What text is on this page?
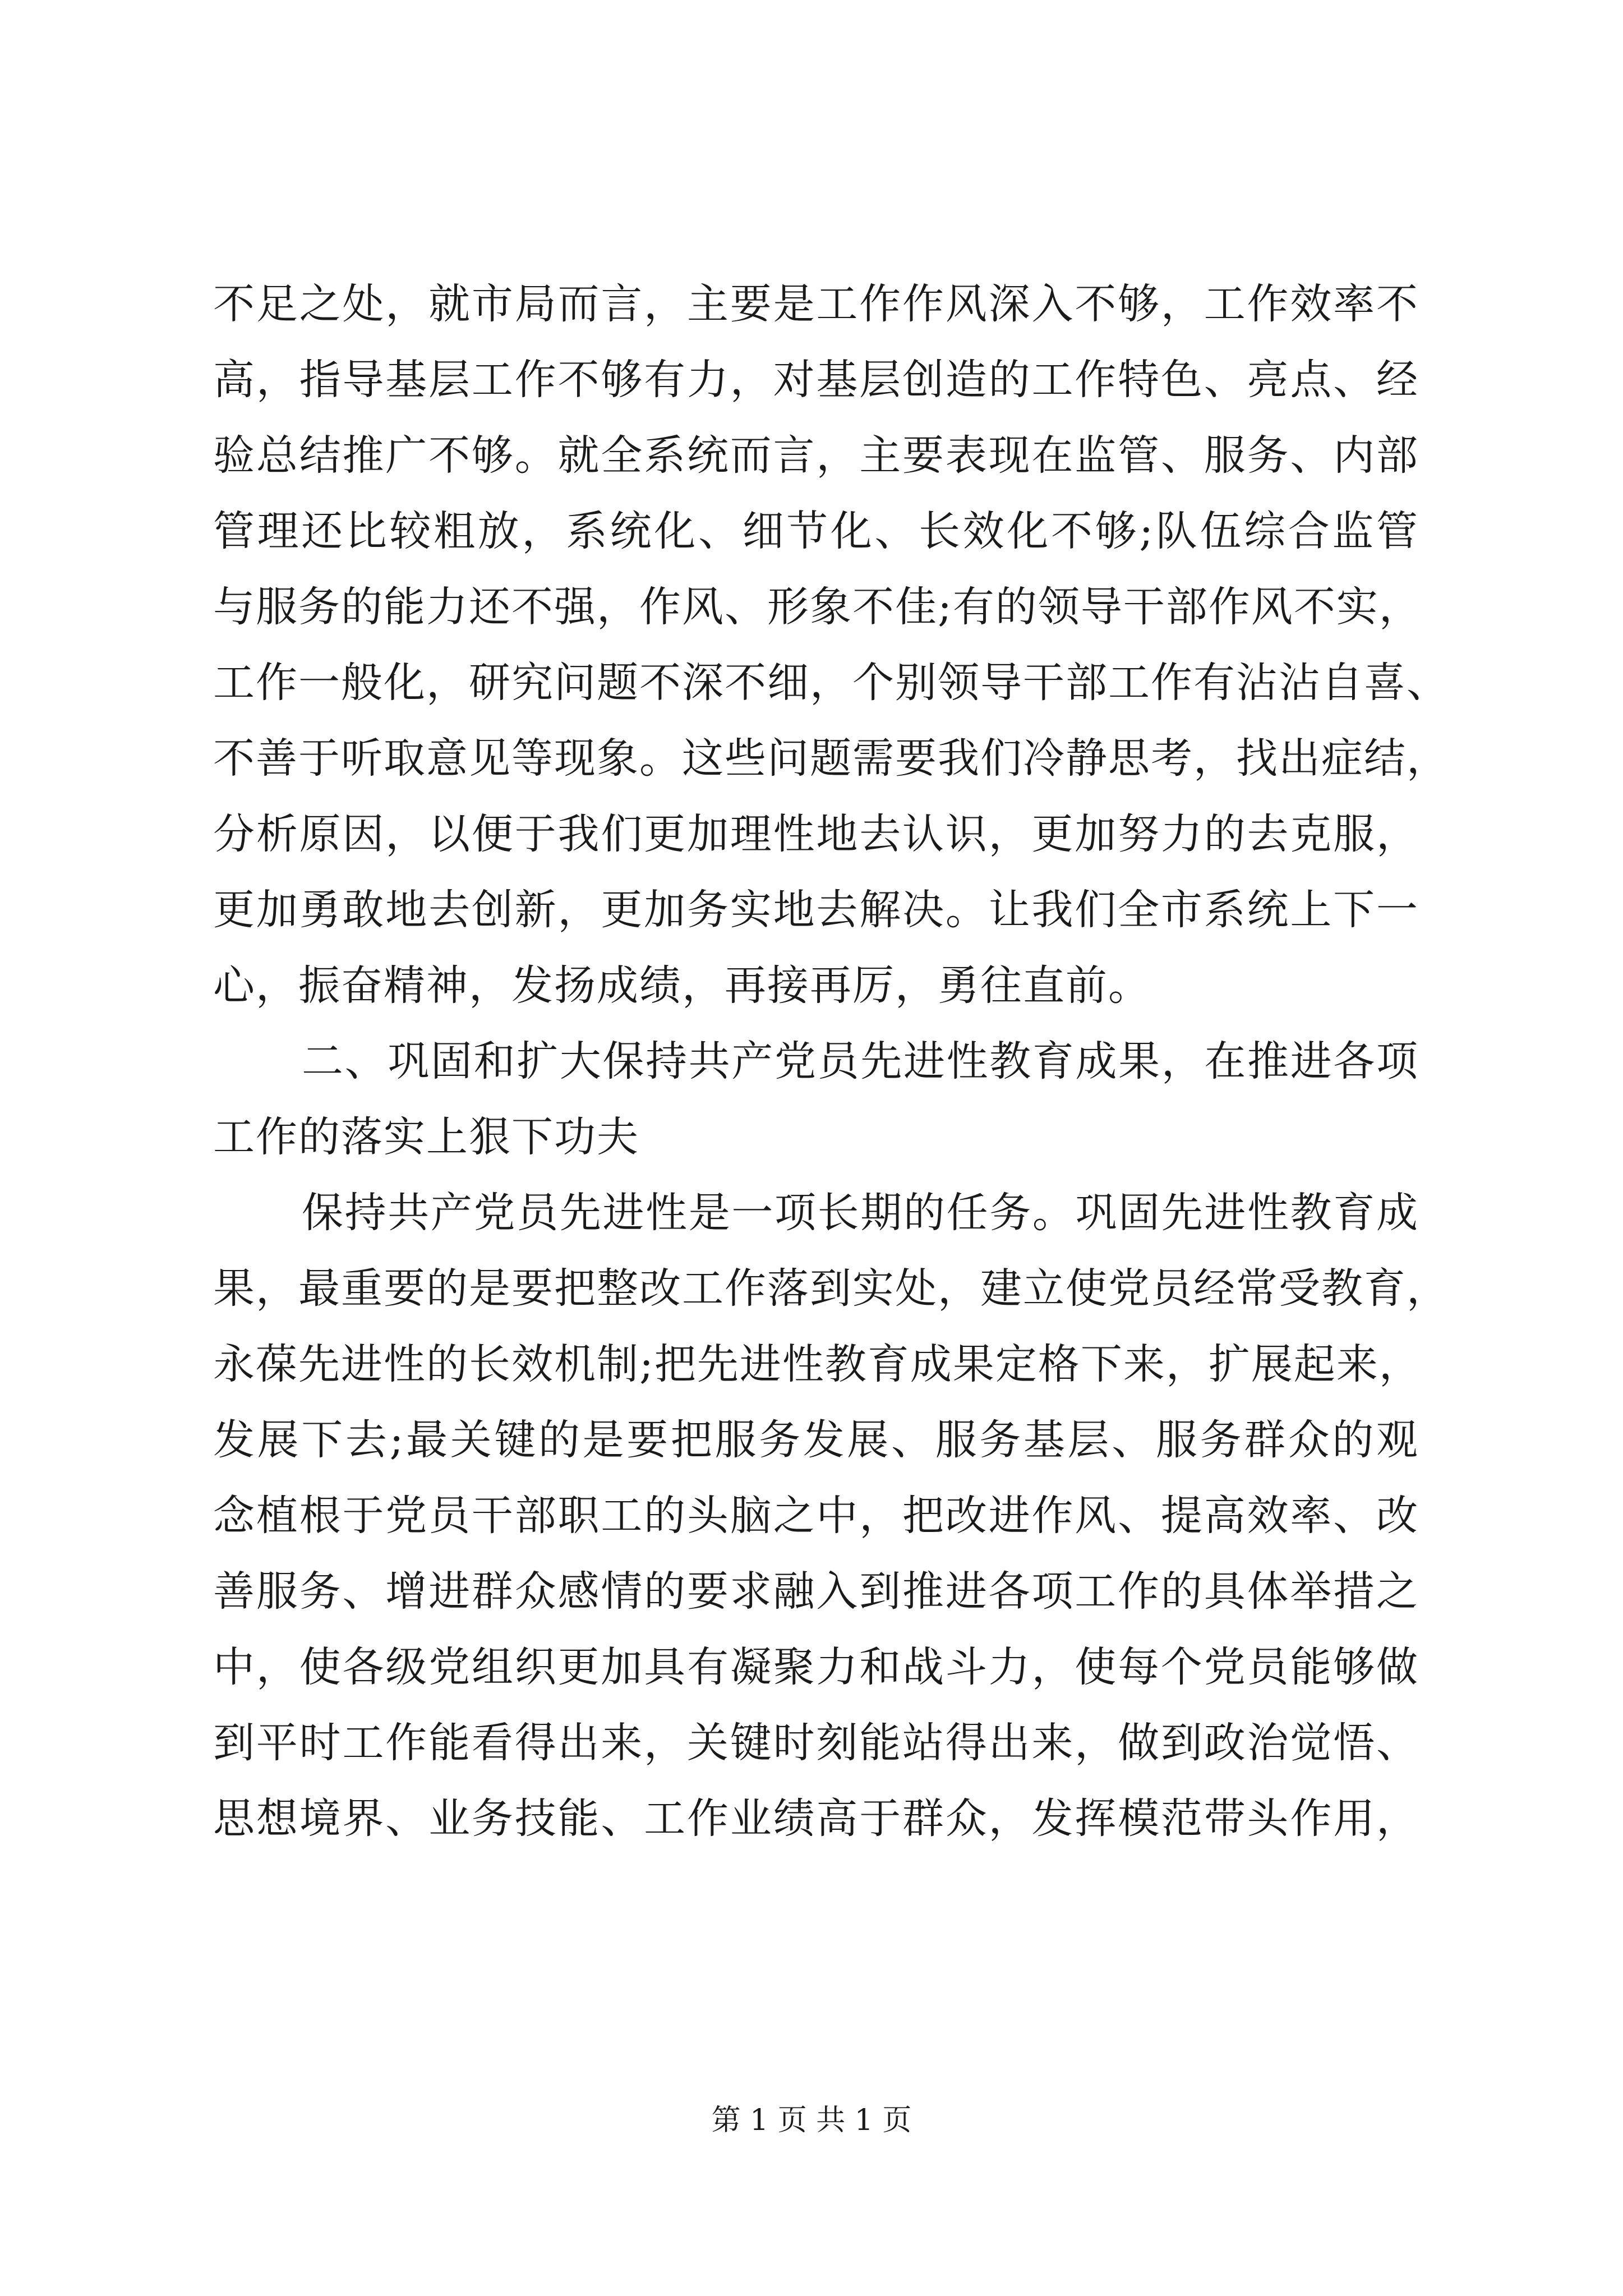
不足之处，就市局而言，主要是工作作风深入不够，工作效率不
高，指导基层工作不够有力，对基层创造的工作特色、亮点、经
验总结推广不够。就全系统而言，主要表现在监管、服务、内部
管理还比较粗放，系统化、细节化、长效化不够;队伍综合监管
与服务的能力还不强，作风、形象不佳;有的领导干部作风不实，
工作一般化，研究问题不深不细，个别领导干部工作有沾沾自喜、
不善于听取意见等现象。这些问题需要我们冷静思考，找出症结，
分析原因，以便于我们更加理性地去认识，更加努力的去克服，
更加勇敢地去创新，更加务实地去解决。让我们全市系统上下一
心，振奋精神，发扬成绩，再接再厉，勇往直前。
二、巩固和扩大保持共产党员先进性教育成果，在推进各项
工作的落实上狠下功夫
保持共产党员先进性是一项长期的任务。巩固先进性教育成
果，最重要的是要把整改工作落到实处，建立使党员经常受教育，
永葆先进性的长效机制;把先进性教育成果定格下来，扩展起来，
发展下去;最关键的是要把服务发展、服务基层、服务群众的观
念植根于党员干部职工的头脑之中，把改进作风、提高效率、改
善服务、增进群众感情的要求融入到推进各项工作的具体举措之
中，使各级党组织更加具有凝聚力和战斗力，使每个党员能够做
到平时工作能看得出来，关键时刻能站得出来，做到政治觉悟、
思想境界、业务技能、工作业绩高于群众，发挥模范带头作用，
第 1 页 共 1 页
